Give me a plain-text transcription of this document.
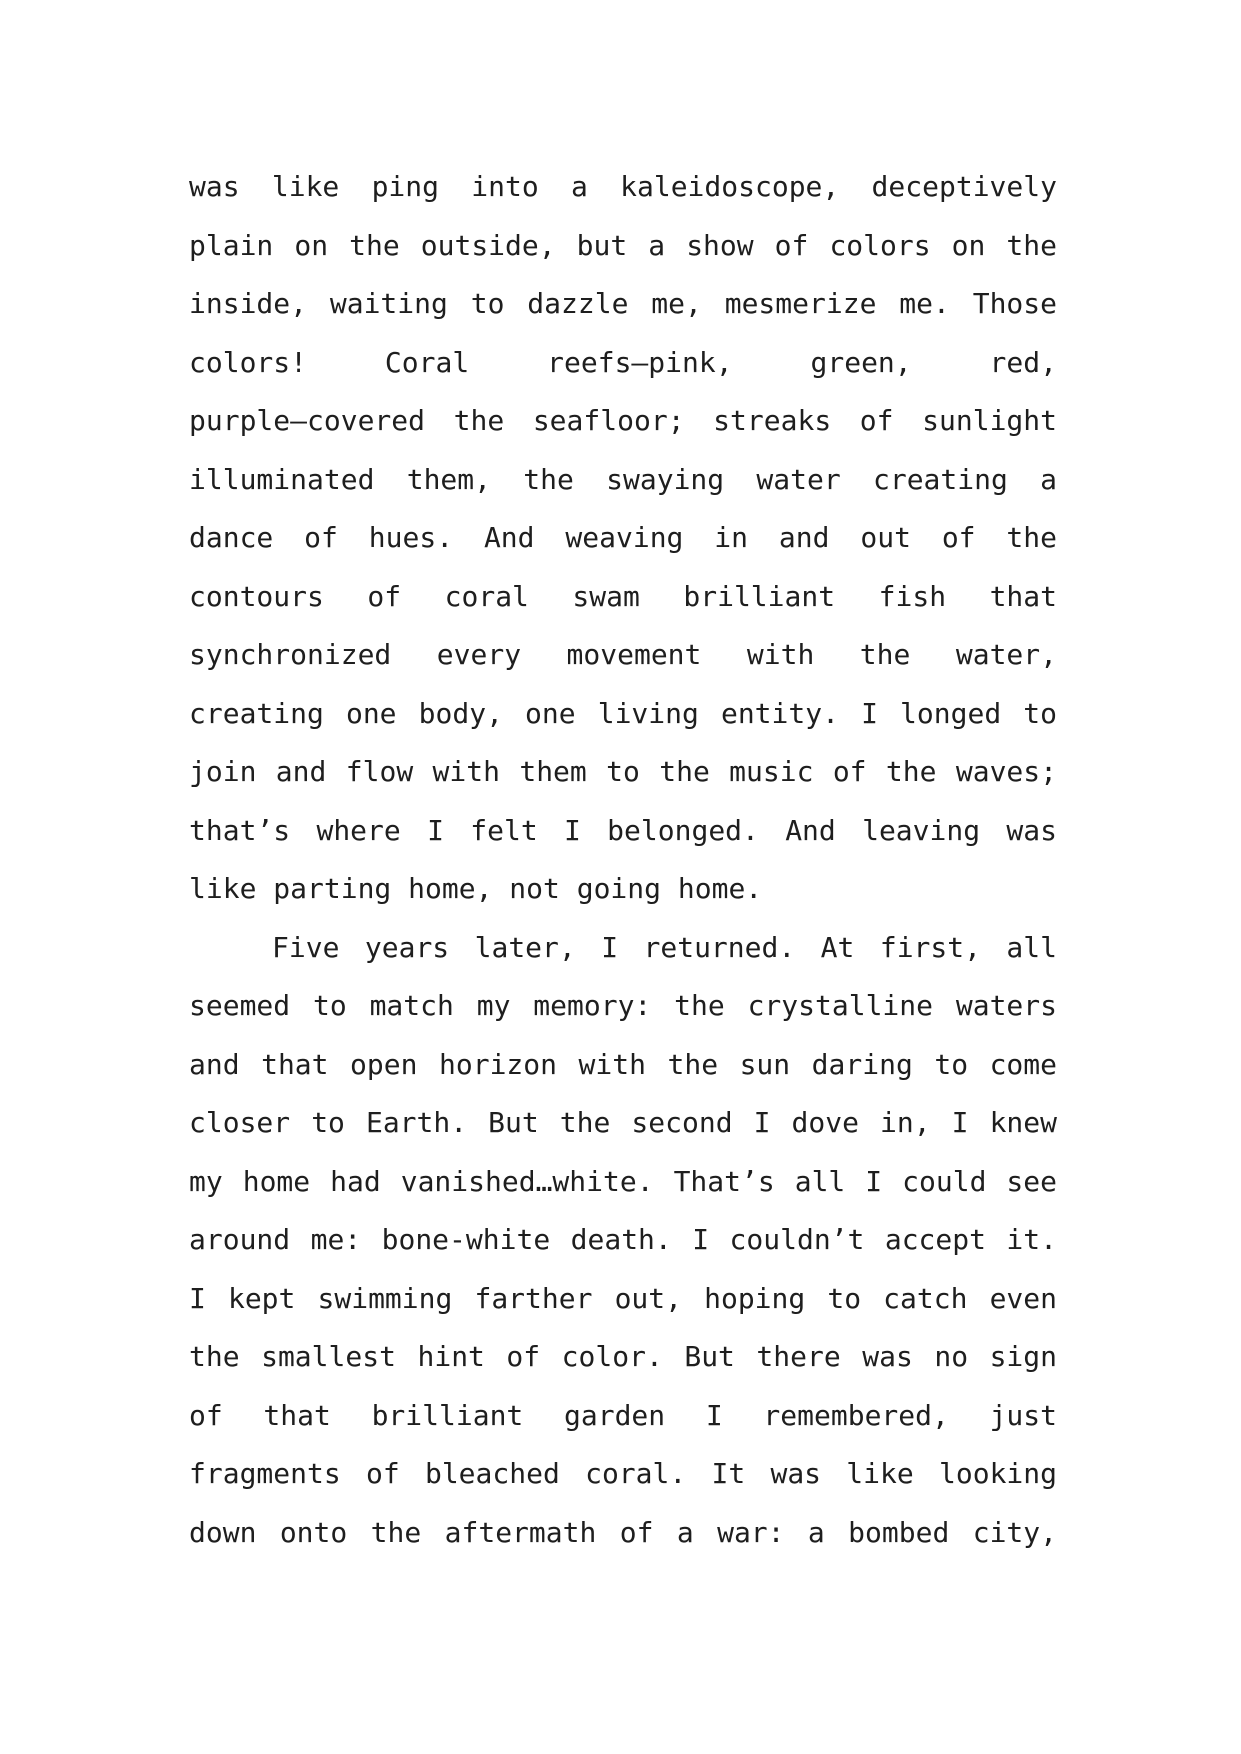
was like ping into a kaleidoscope, deceptively
plain on the outside, but a show of colors on the
inside, waiting to dazzle me, mesmerize me. Those
colors! Coral reefs—pink, green, red,
purple—covered the seafloor; streaks of sunlight
illuminated them, the swaying water creating a
dance of hues. And weaving in and out of the
contours of coral swam brilliant fish that
synchronized every movement with the water,
creating one body, one living entity. I longed to
join and flow with them to the music of the waves;
that’s where I felt I belonged. And leaving was
like parting home, not going home.
Five years later, I returned. At first, all
seemed to match my memory: the crystalline waters
and that open horizon with the sun daring to come
closer to Earth. But the second I dove in, I knew
my home had vanished…white. That’s all I could see
around me: bone-white death. I couldn’t accept it.
I kept swimming farther out, hoping to catch even
the smallest hint of color. But there was no sign
of that brilliant garden I remembered, just
fragments of bleached coral. It was like looking
down onto the aftermath of a war: a bombed city,
